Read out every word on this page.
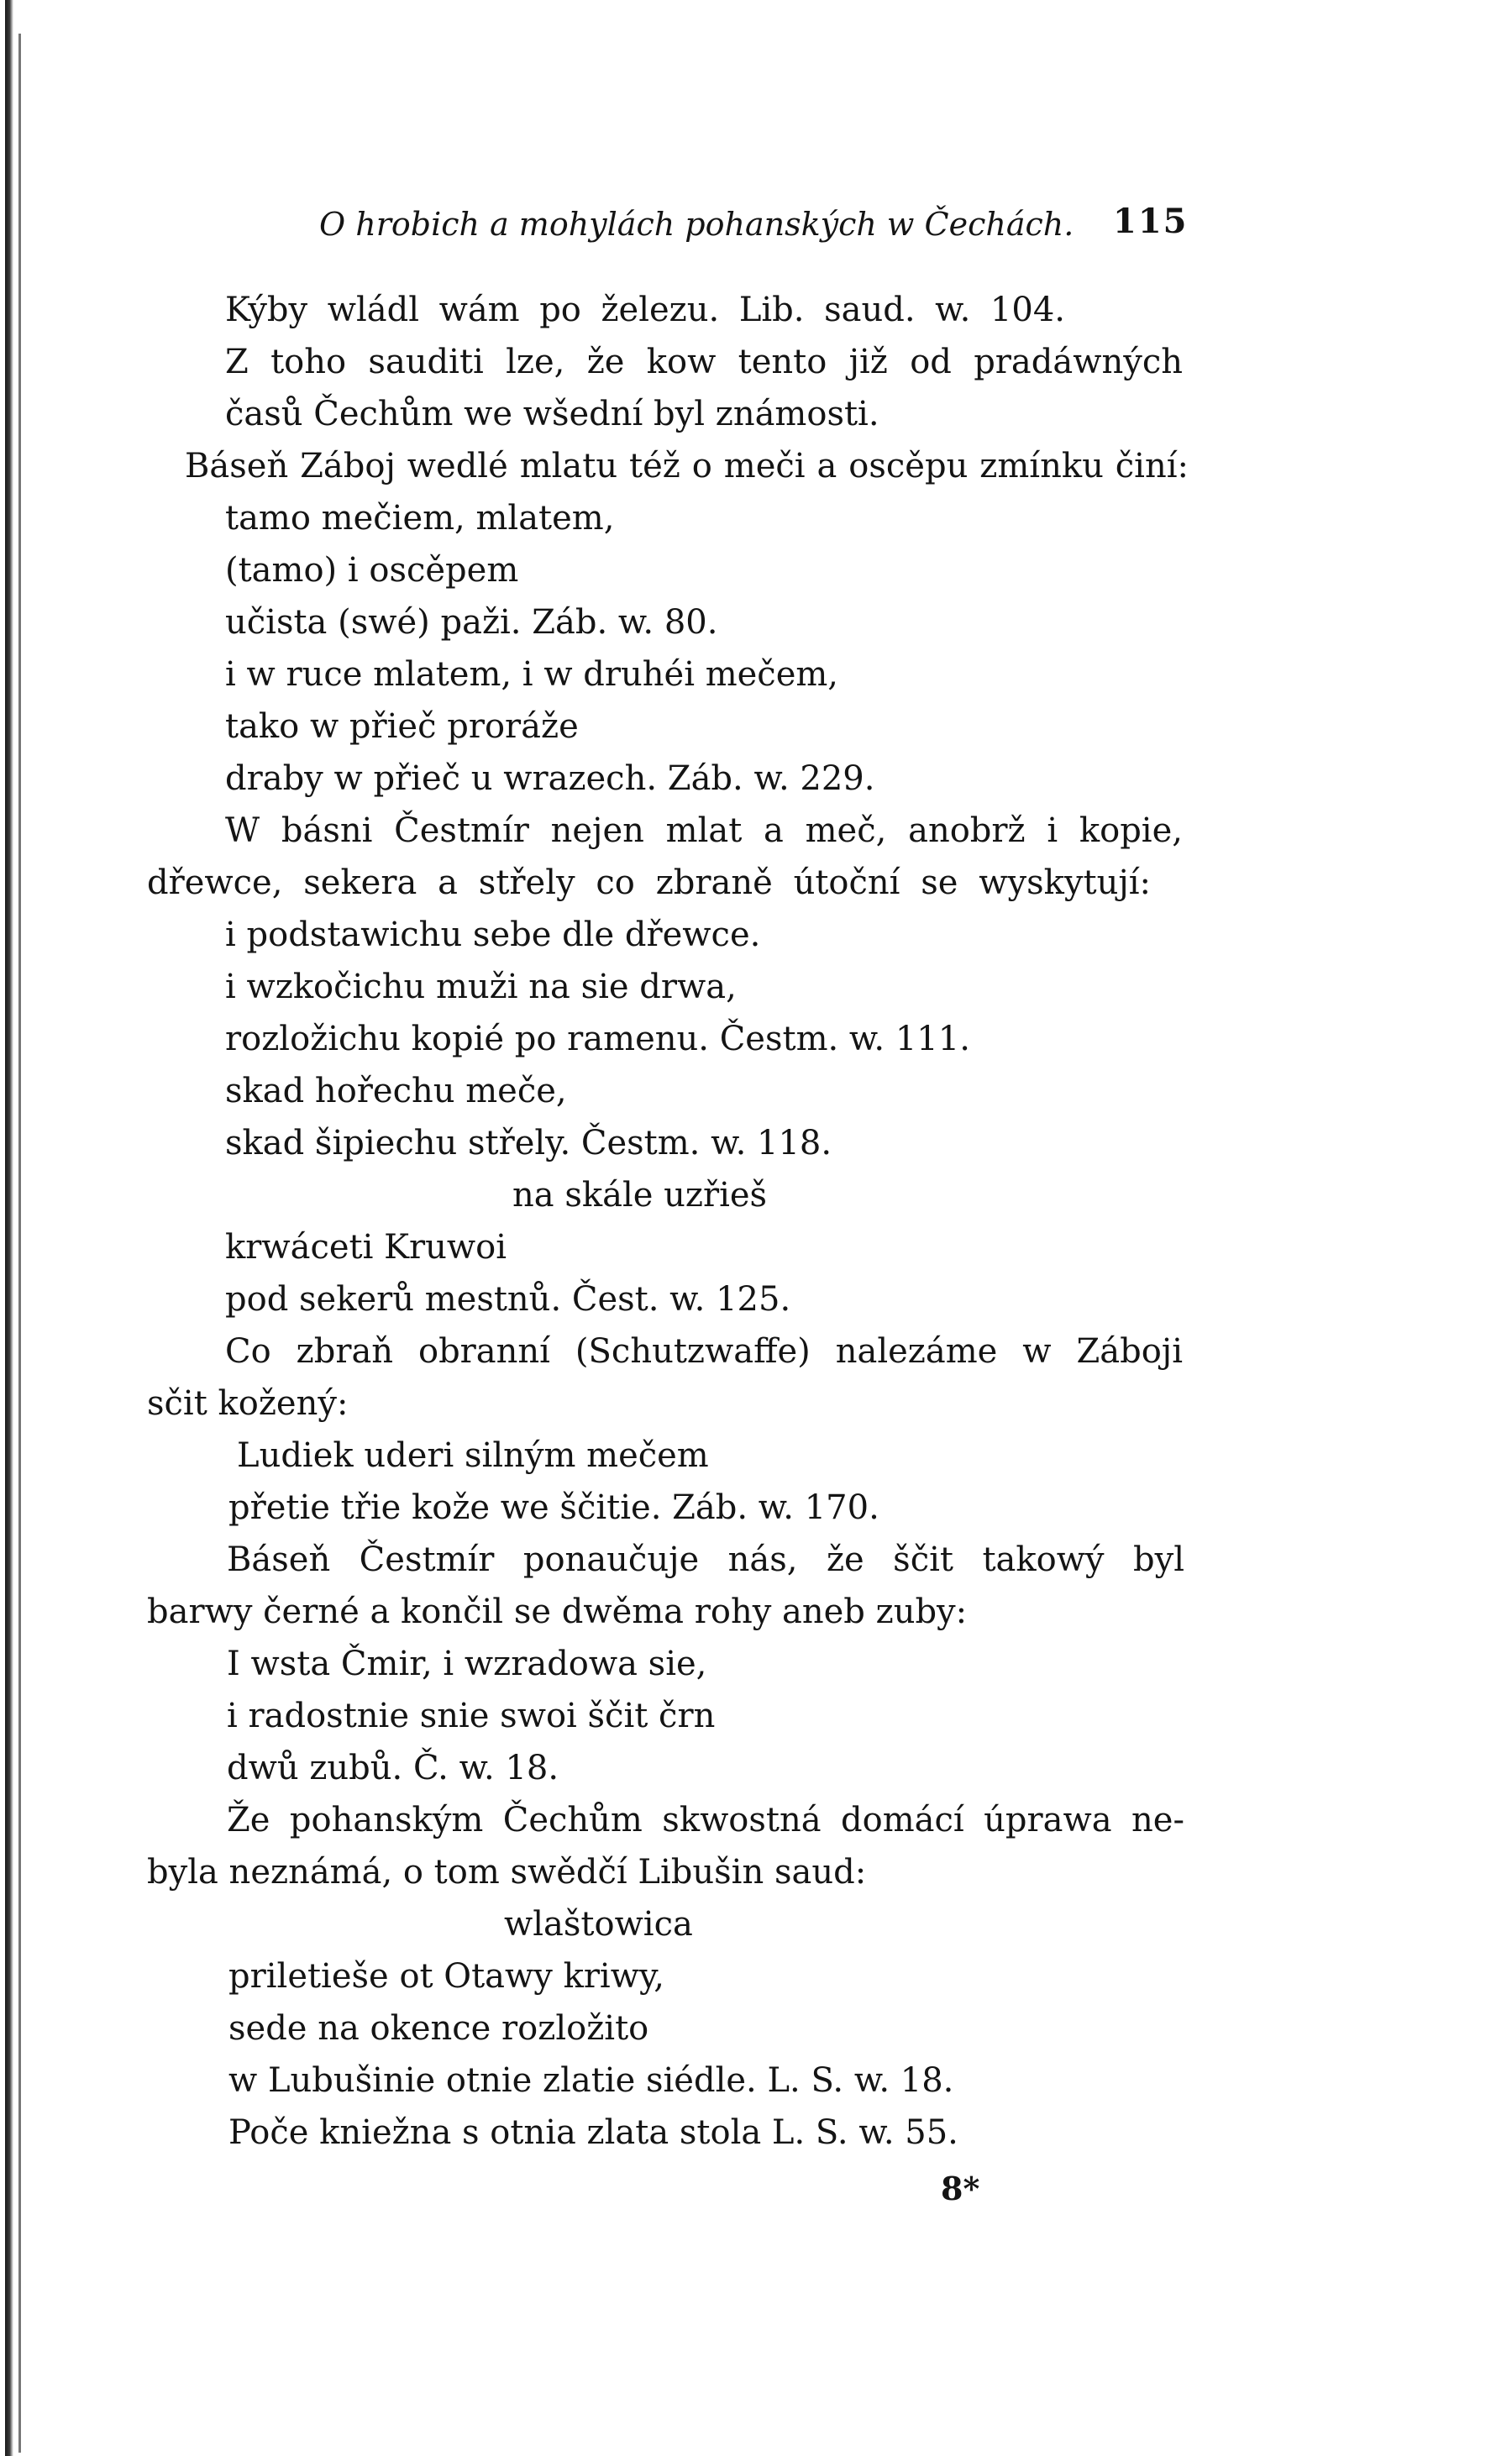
O hrobich a mohylách pohanských w Čechách.	115
Kýby wládl wám po železu. Lib. saud. w. 104.
Z toho sauditi lze, že kow tento již od pradáwných
časů Čechům we wšední byl známosti.
Báseň Záboj wedlé mlatu též o meči a oscěpu zmínku činí:
tamo mečiem, mlatem,
(tamo) i oscěpem
učista (swé) paži. Záb. w. 80.
i w ruce mlatem, i w druhéi mečem,
tako w přieč proráže
draby w přieč u wrazech. Záb. w. 229.
W básni Čestmír nejen mlat a meč, anobrž i kopie,
dřewce, sekera a střely co zbraně útoční se wyskytují:
i podstawichu sebe dle dřewce.
i wzkočichu muži na sie drwa,
rozložichu kopié po ramenu. Čestm. w. 111.
skad hořechu meče,
skad šipiechu střely. Čestm. w. 118.
na skále uzřieš
krwáceti Kruwoi
pod sekerů mestnů. Čest. w. 125.
Co zbraň obranní (Schutzwaffe) nalezáme w Záboji
sčit kožený:
Ludiek uderi silným mečem
přetie třie kože we ščitie. Záb. w. 170.
Báseň Čestmír ponaučuje nás, že ščit takowý byl
barwy černé a končil se dwěma rohy aneb zuby:
I wsta Čmir, i wzradowa sie,
i radostnie snie swoi ščit črn
dwů zubů. Č. w. 18.
Že pohanským Čechům skwostná domácí úprawa ne-
byla neznámá, o tom swědčí Libušin saud:
wlaštowica
priletieše ot Otawy kriwy,
sede na okence rozložito
w Lubušinie otnie zlatie siédle. L. S. w. 18.
Poče kniežna s otnia zlata stola L. S. w. 55.
8*
